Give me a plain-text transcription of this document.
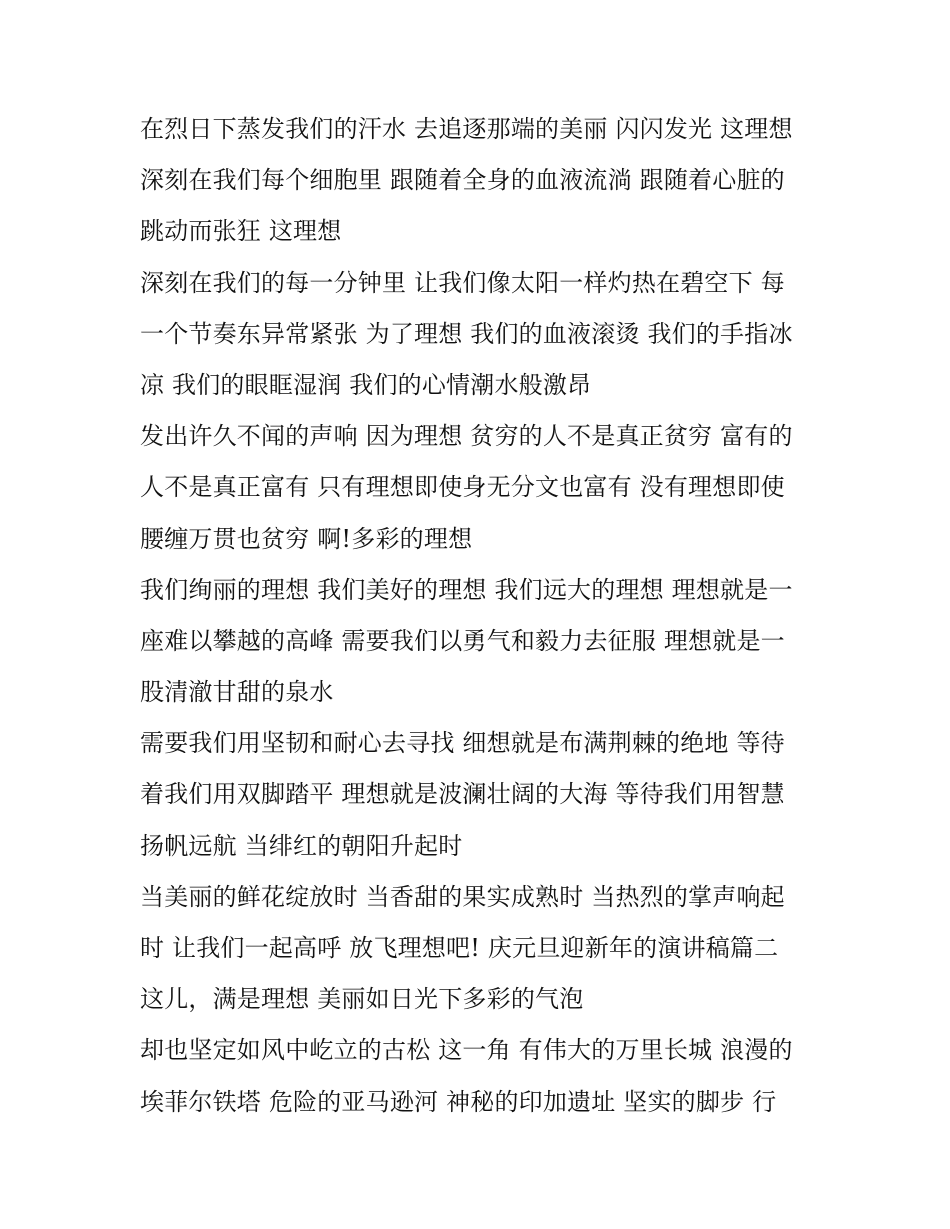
在烈日下蒸发我们的汗水 去追逐那端的美丽 闪闪发光 这理想
深刻在我们每个细胞里 跟随着全身的血液流淌 跟随着心脏的
跳动而张狂 这理想
深刻在我们的每一分钟里 让我们像太阳一样灼热在碧空下 每
一个节奏东异常紧张 为了理想 我们的血液滚烫 我们的手指冰
凉 我们的眼眶湿润 我们的心情潮水般激昂
发出许久不闻的声响 因为理想 贫穷的人不是真正贫穷 富有的
人不是真正富有 只有理想即使身无分文也富有 没有理想即使
腰缠万贯也贫穷 啊!多彩的理想
我们绚丽的理想 我们美好的理想 我们远大的理想 理想就是一
座难以攀越的高峰 需要我们以勇气和毅力去征服 理想就是一
股清澈甘甜的泉水
需要我们用坚韧和耐心去寻找 细想就是布满荆棘的绝地 等待
着我们用双脚踏平 理想就是波澜壮阔的大海 等待我们用智慧
扬帆远航 当绯红的朝阳升起时
当美丽的鲜花绽放时 当香甜的果实成熟时 当热烈的掌声响起
时 让我们一起高呼 放飞理想吧! 庆元旦迎新年的演讲稿篇二
这儿，满是理想 美丽如日光下多彩的气泡
却也坚定如风中屹立的古松 这一角 有伟大的万里长城 浪漫的
埃菲尔铁塔 危险的亚马逊河 神秘的印加遗址 坚实的脚步 行
